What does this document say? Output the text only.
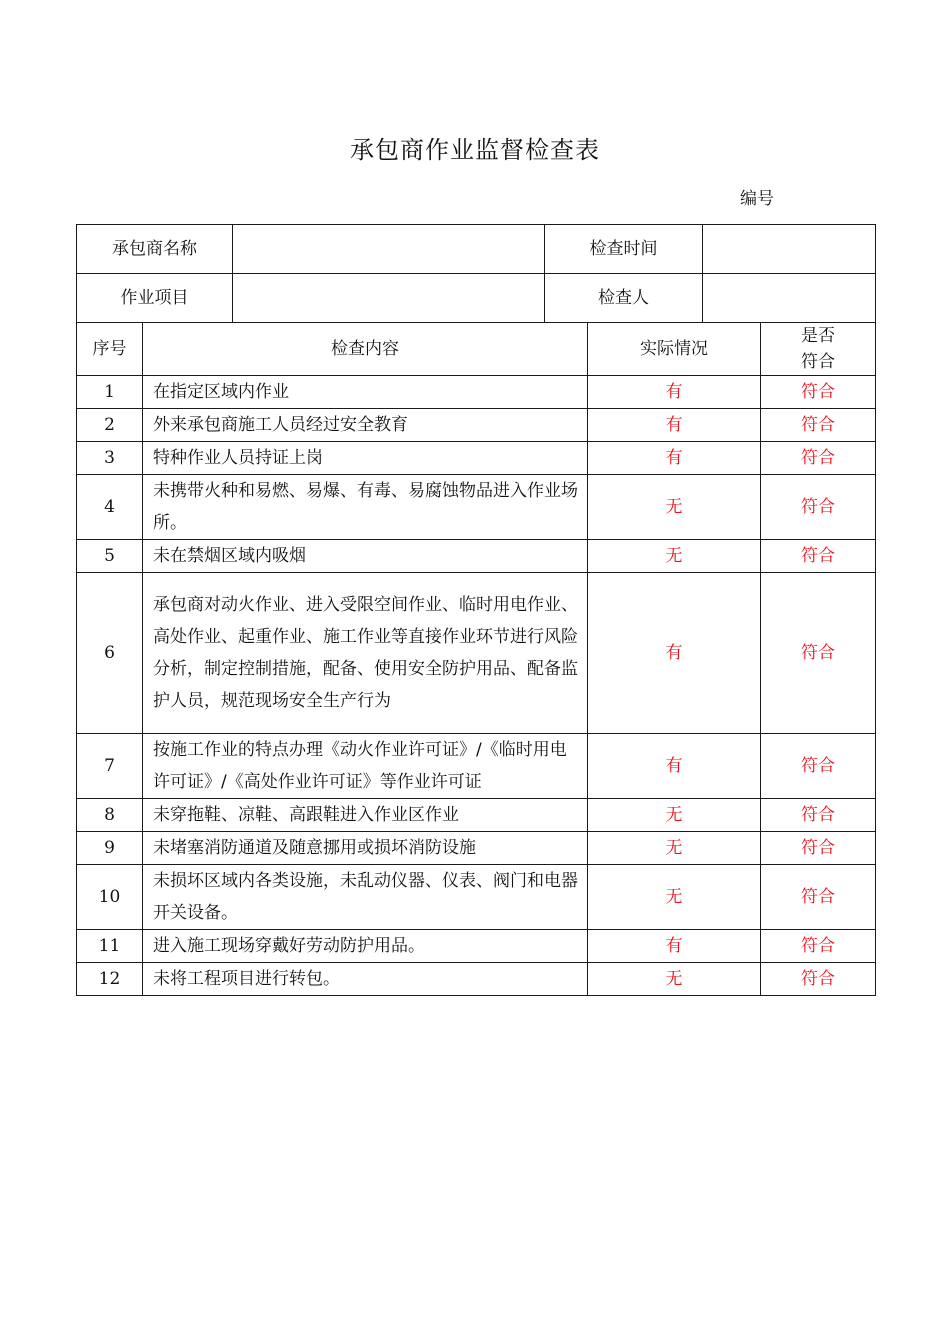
承包商作业监督检查表
编号
承包商名称		检查时间	
作业项目		检查人	
序号	检查内容	实际情况	是否
符合

1	在指定区域内作业	有	符合
2	外来承包商施工人员经过安全教育	有	符合
3	特种作业人员持证上岗	有	符合
4	未携带火种和易燃、易爆、有毒、易腐蚀物品进入作业场所。	无	符合
5	未在禁烟区域内吸烟	无	符合
6	承包商对动火作业、进入受限空间作业、临时用电作业、高处作业、起重作业、施工作业等直接作业环节进行风险分析，制定控制措施，配备、使用安全防护用品、配备监护人员，规范现场安全生产行为	有	符合
7	按施工作业的特点办理《动火作业许可证》/《临时用电许可证》/《高处作业许可证》等作业许可证	有	符合
8	未穿拖鞋、凉鞋、高跟鞋进入作业区作业	无	符合
9	未堵塞消防通道及随意挪用或损坏消防设施	无	符合
10	未损坏区域内各类设施，未乱动仪器、仪表、阀门和电器开关设备。	无	符合
11	进入施工现场穿戴好劳动防护用品。	有	符合
12	未将工程项目进行转包。	无	符合
